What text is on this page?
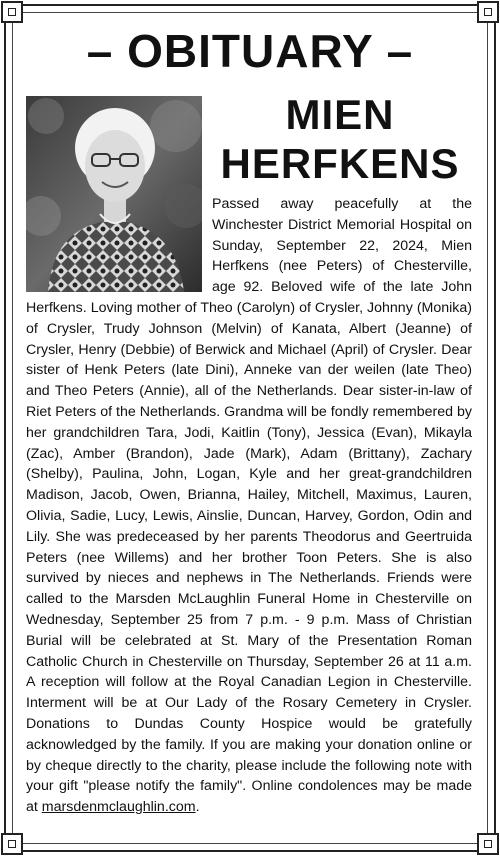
– OBITUARY –
MIEN
HERFKENS
Passed away peacefully at the Winchester District Memorial Hospital on Sunday, September 22, 2024, Mien Herfkens (nee Peters) of Chesterville, age 92. Beloved wife of the late John Herfkens. Loving mother of Theo (Carolyn) of Crysler, Johnny (Monika) of Crysler, Trudy Johnson (Melvin) of Kanata, Albert (Jeanne) of Crysler, Henry (Debbie) of Berwick and Michael (April) of Crysler. Dear sister of Henk Peters (late Dini), Anneke van der weilen (late Theo) and Theo Peters (Annie), all of the Netherlands. Dear sister-in-law of Riet Peters of the Netherlands. Grandma will be fondly remembered by her grandchildren Tara, Jodi, Kaitlin (Tony), Jessica (Evan), Mikayla (Zac), Amber (Brandon), Jade (Mark), Adam (Brittany), Zachary (Shelby), Paulina, John, Logan, Kyle and her great-grandchildren Madison, Jacob, Owen, Brianna, Hailey, Mitchell, Maximus, Lauren, Olivia, Sadie, Lucy, Lewis, Ainslie, Duncan, Harvey, Gordon, Odin and Lily. She was predeceased by her parents Theodorus and Geertruida Peters (nee Willems) and her brother Toon Peters. She is also survived by nieces and nephews in The Netherlands. Friends were called to the Marsden McLaughlin Funeral Home in Chesterville on Wednesday, September 25 from 7 p.m. - 9 p.m. Mass of Christian Burial will be celebrated at St. Mary of the Presentation Roman Catholic Church in Chesterville on Thursday, September 26 at 11 a.m. A reception will follow at the Royal Canadian Legion in Chesterville. Interment will be at Our Lady of the Rosary Cemetery in Crysler. Donations to Dundas County Hospice would be gratefully acknowledged by the family. If you are making your donation online or by cheque directly to the charity, please include the following note with your gift "please notify the family". Online condolences may be made at marsdenmclaughlin.com.
